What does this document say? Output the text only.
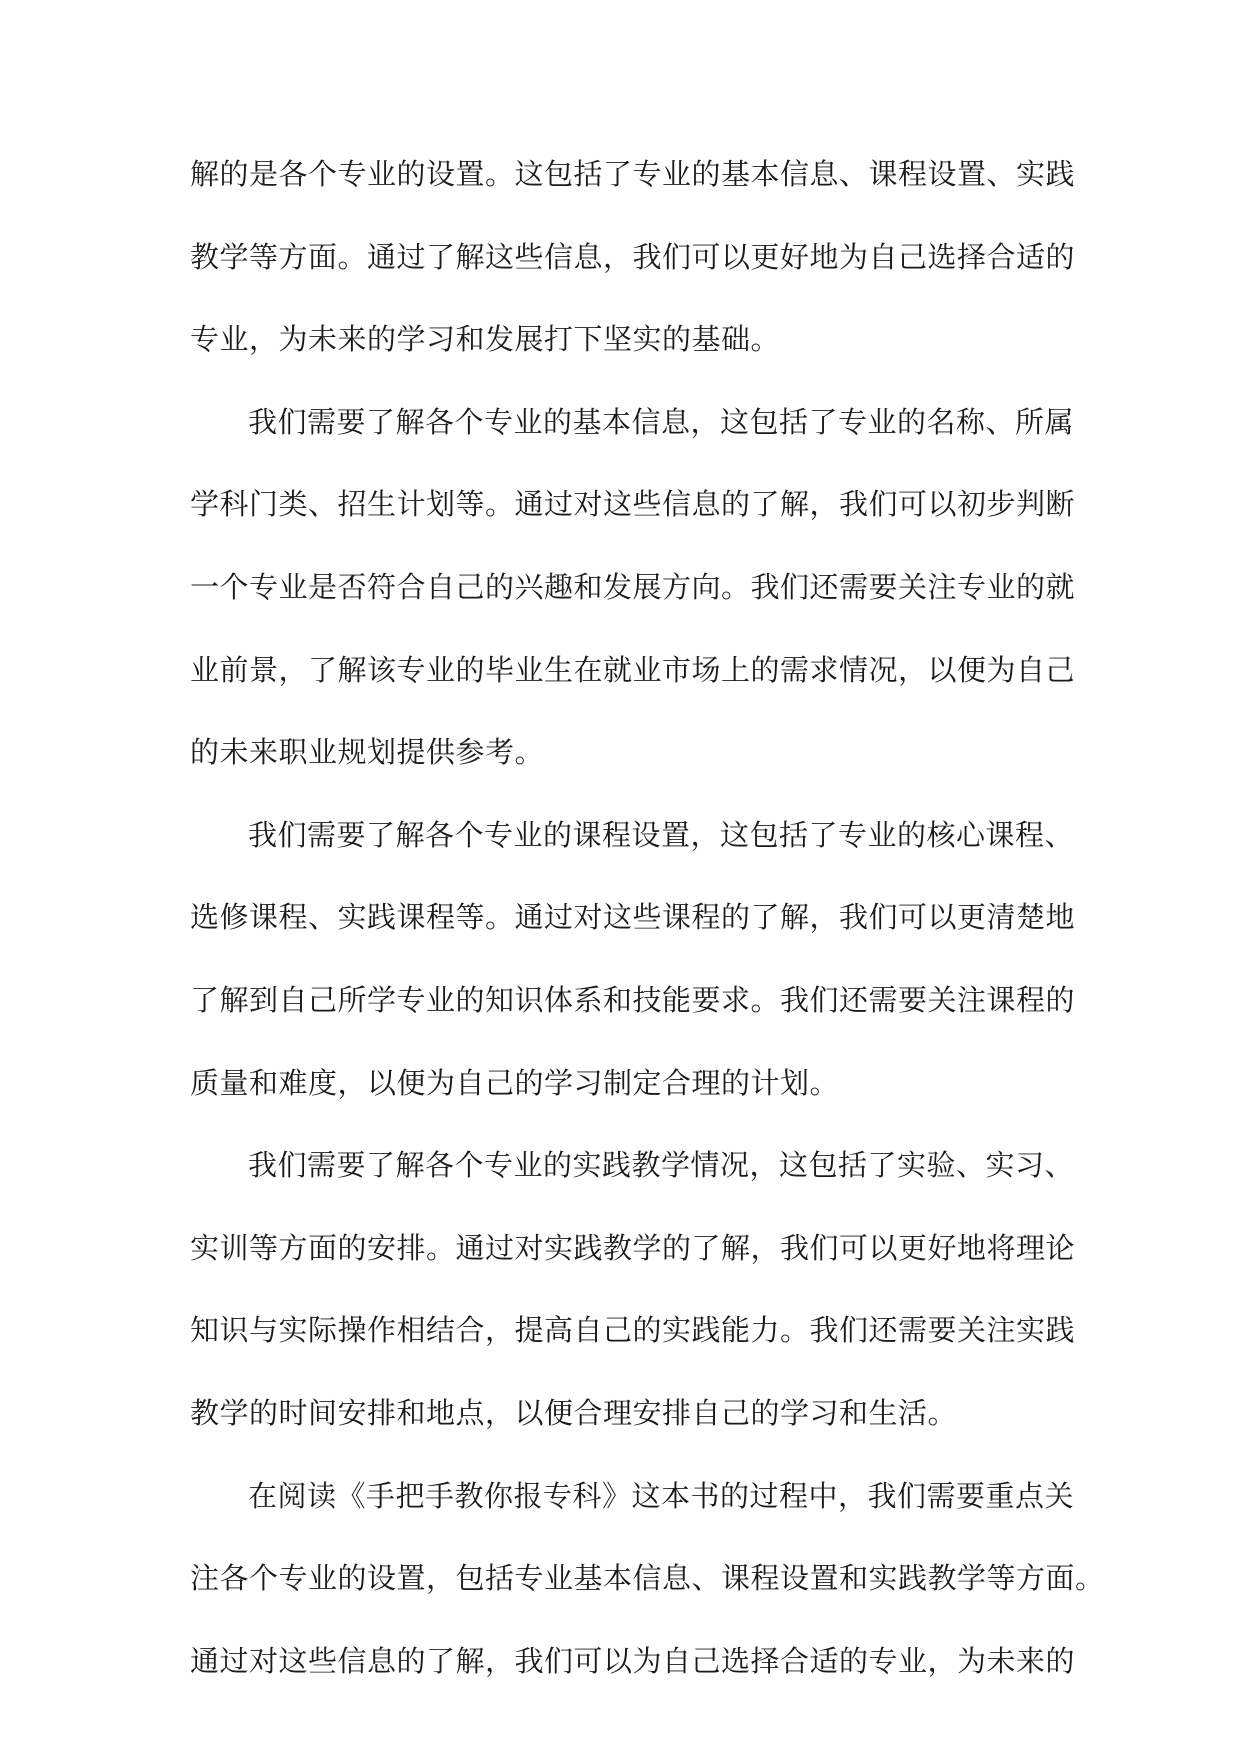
解的是各个专业的设置。这包括了专业的基本信息、课程设置、实践
教学等方面。通过了解这些信息，我们可以更好地为自己选择合适的
专业，为未来的学习和发展打下坚实的基础。
我们需要了解各个专业的基本信息，这包括了专业的名称、所属
学科门类、招生计划等。通过对这些信息的了解，我们可以初步判断
一个专业是否符合自己的兴趣和发展方向。我们还需要关注专业的就
业前景，了解该专业的毕业生在就业市场上的需求情况，以便为自己
的未来职业规划提供参考。
我们需要了解各个专业的课程设置，这包括了专业的核心课程、
选修课程、实践课程等。通过对这些课程的了解，我们可以更清楚地
了解到自己所学专业的知识体系和技能要求。我们还需要关注课程的
质量和难度，以便为自己的学习制定合理的计划。
我们需要了解各个专业的实践教学情况，这包括了实验、实习、
实训等方面的安排。通过对实践教学的了解，我们可以更好地将理论
知识与实际操作相结合，提高自己的实践能力。我们还需要关注实践
教学的时间安排和地点，以便合理安排自己的学习和生活。
在阅读《手把手教你报专科》这本书的过程中，我们需要重点关
注各个专业的设置，包括专业基本信息、课程设置和实践教学等方面。
通过对这些信息的了解，我们可以为自己选择合适的专业，为未来的
